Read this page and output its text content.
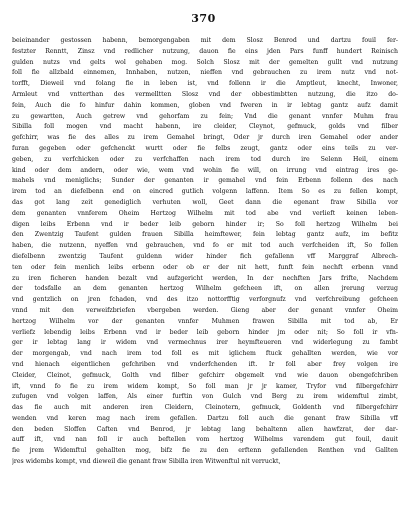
370
beieinander gestossen habenn, bemorgengaben mit dem Slosz Benrod und dartzu fouil fer-
festzter Renntt, Zinsz vnd redlicher nutzung, dauon fie eins jden Pars funff hundert Reinisch
gulden nutzs vnd gelts wol gehaben mog. Solch Slosz mit der gemelten gullt vnd nutzung
foll fie allzbald einnemen, Innhaben, nutzen, nieffen vnd gebrauchen zu irem nutz vnd not-
torfft, Dieweil vnd folang fie in leben ist, vnd follenn ir die Amptleut, knecht, Inwoner,
Armleut vnd vntterthan des vermelltten Slosz vnd der obbestimbtten nutzung, die itzo do-
fein, Auch die fo hinfur dahin kommen, globen vnd fweren in ir lebtag gantz aufz damit
zu gewartten, Auch getrew vnd gehorfam zu fein; Vnd die genant vnnfer Muhm frau
Sibilla foll mogen vnd macht habenn, ire cleider, Cleynot, gefmuck, golds vnd filber
gefchirr, was fie des alles zu irem Gemahel bringt, Oder jr durch iren Gemahel oder ander
furan gegeben oder gefchenckt wurtt oder fie felbs zeugt, gantz oder eins teils zu ver-
geben, zu verfchicken oder zu verfchaffen nach irem tod durch ire Selenn Heil, einem
kind oder dem andern, oder wie, wem vnd wohin fie will, on irrung vnd eintrag ires ge-
mahels vnd meniglichs; Sunder der genanten ir gemahel vnd fein Erbenn follenn des nach
irem tod an diefelbenn end on eincred gutlich volgenn laffenn. Item So es zu fellen kompt,
das got lang zeit genediglich verhuten woll, Geet dann die egenant fraw Sibilla vor
dem genanten vnnferem Oheim Hertzog Wilhelm mit tod abe vnd verlieft keinen leben-
digen leibs Erbenn vnd ir beder leib geborn hinder ir; So foll hertzog Wilhelm bei
den Zwentzig Taufent gulden frauen Sibilla heimftewer, fein lebtag gantz aufz, im befitz
haben, die nutzenn, nyeffen vnd gebrauchen, vnd fo er mit tod auch verfcheiden ift, So follen
diefelbenn zwentzig Taufent guldenn wider hinder fich gefallenn vff Marggraf Albrech-
ten oder fein menlich leibs erbenn oder ob er der nit hett, funft fein nechft erbenn vnnd
zu iren ficheren handen bezalt vnd aufzgericht werden, In der nechften Jars frifte, Nachdem
der todsfalle an dem genanten hertzog Wilhelm gefcheen ift, on allen jrerung verzug
vnd gentzlich on jren fchaden, vnd des itzo nottorfftig verforgnufz vnd verfchreibung gefcheen
vnnd mit den verweifzbriefen vbergeben werden. Gieng aber der genant vnnfer Oheim
hertzog Wilhelm vor der genanten vnnfer Muhmen frawen Sibilla mit tod ab, Er
verliefz lebendig leibs Erbenn vnd ir beder leib geborn hinder jm oder nit; So foll ir vfn-
ger ir lebtag lang ir widem vnd vermechnus irer heymfteueren vnd widerlegung zu fambt
der morgengab, vnd nach irem tod foll es mit iglichem ftuck gehallten werden, wie vor
vnd hienach eigentlichen gefchriben vnd vnderfchenden ift. Ir foll aber frey volgen ire
Cleider, Cleinot, gefmuck, Golth vnd filber gefchirr obgemelt vnd wie dauon obengefchriben
ift, vnnd fo fie zu irem widem kompt, So foll man jr jr kamer, Tryfor vnd filbergefchirr
zufugen vnd volgen laffen, Als einer furftin von Gulch vnd Berg zu irem widemftul zimbt,
das fie auch mit anderen iren Cleidern, Cleinotern, gefmuck, Goldenth vnd filbergefchirr
wenden vnd keren mag nach irem gefallen. Dartzu foll auch die genant fraw Sibilla vff
den beden Sloffen Caften vnd Benrod, jr lebtag lang behaltenn allen hawfzrat, der dar-
auff ift, vnd nan foll ir auch beftellen vom hertzog Wilhelms varendem gut fouil, dauit
fie jrem Widemftul gehallten mog, bifz fie zu den erftenn gefallenden Renthen vnd Gallten
jres widembs kompt, vnd dieweil die genant fraw Sibilla iren Witwenftul nit verruckt,
